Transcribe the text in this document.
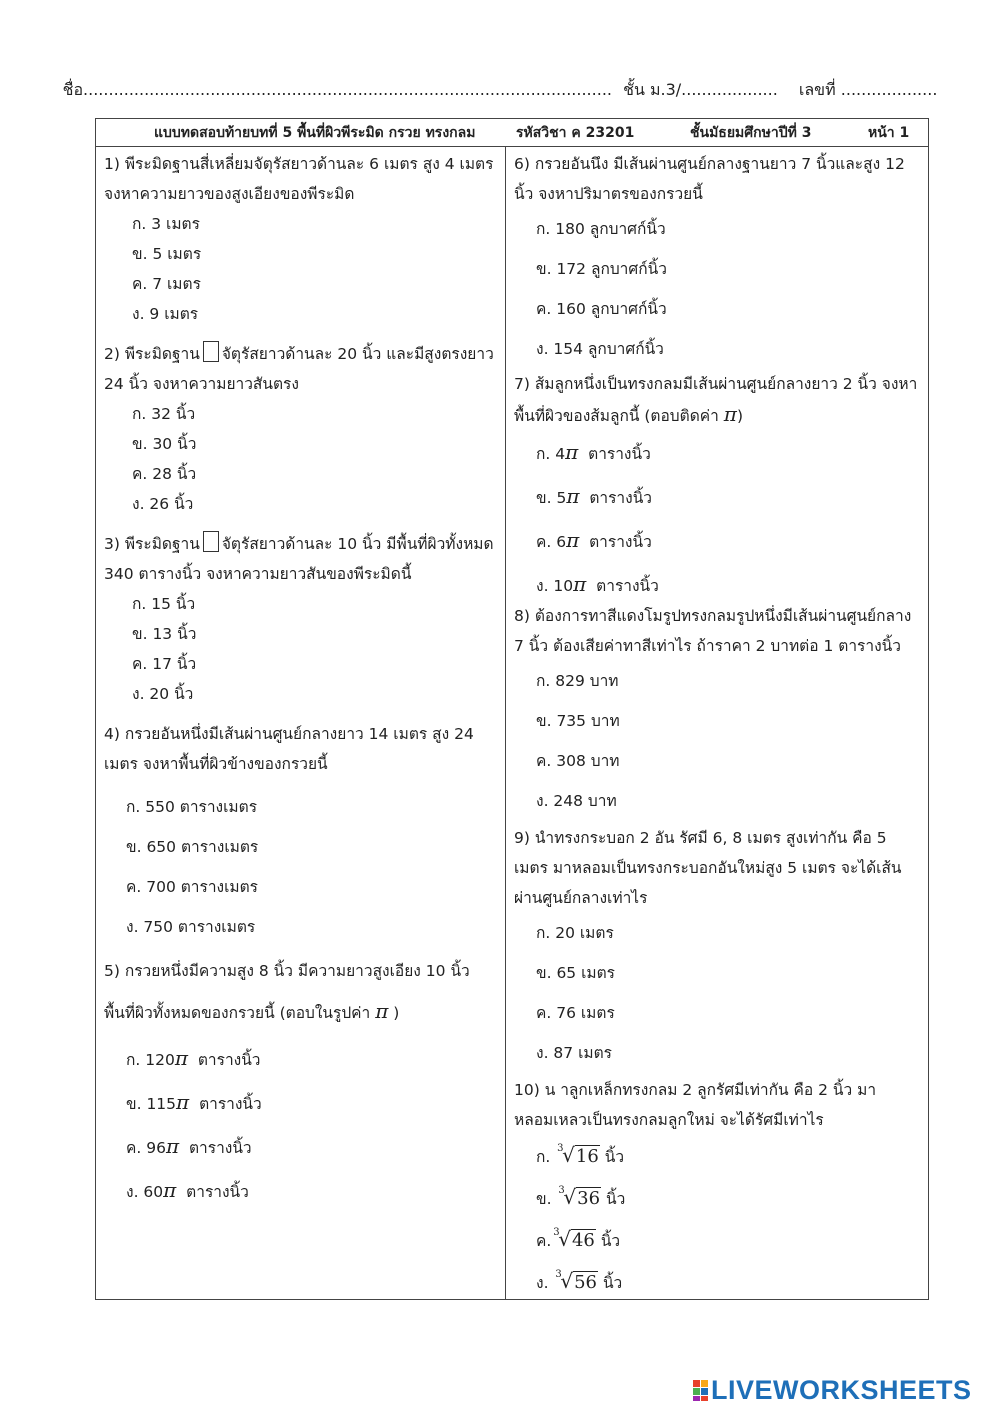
ชื่อ........................................................................................................ ชั้น ม.3/................... เลขที่ ...................
แบบทดสอบท้ายบทที่ 5 พื้นที่ผิวพีระมิด กรวย ทรงกลม	รหัสวิชา ค 23201	ชั้นมัธยมศึกษาปีที่ 3	หน้า 1
1) พีระมิดฐานสี่เหลี่ยมจัตุรัสยาวด้านละ 6 เมตร สูง 4 เมตร จงหาความยาวของสูงเอียงของพีระมิด
ก. 3 เมตร
ข. 5 เมตร
ค. 7 เมตร
ง. 9 เมตร
2) พีระมิดฐาน จัตุรัสยาวด้านละ 20 นิ้ว และมีสูงตรงยาว 24 นิ้ว จงหาความยาวสันตรง
ก. 32 นิ้ว
ข. 30 นิ้ว
ค. 28 นิ้ว
ง. 26 นิ้ว
3) พีระมิดฐาน จัตุรัสยาวด้านละ 10 นิ้ว มีพื้นที่ผิวทั้งหมด 340 ตารางนิ้ว จงหาความยาวสันของพีระมิดนี้
ก. 15 นิ้ว
ข. 13 นิ้ว
ค. 17 นิ้ว
ง. 20 นิ้ว
4) กรวยอันหนึ่งมีเส้นผ่านศูนย์กลางยาว 14 เมตร สูง 24 เมตร จงหาพื้นที่ผิวข้างของกรวยนี้
ก. 550 ตารางเมตร
ข. 650 ตารางเมตร
ค. 700 ตารางเมตร
ง. 750 ตารางเมตร
5) กรวยหนึ่งมีความสูง 8 นิ้ว มีความยาวสูงเอียง 10 นิ้ว
พื้นที่ผิวทั้งหมดของกรวยนี้ (ตอบในรูปค่า π )
ก. 120π ตารางนิ้ว
ข. 115π ตารางนิ้ว
ค. 96π ตารางนิ้ว
ง. 60π ตารางนิ้ว
6) กรวยอันนึง มีเส้นผ่านศูนย์กลางฐานยาว 7 นิ้วและสูง 12 นิ้ว จงหาปริมาตรของกรวยนี้
ก. 180 ลูกบาศก์นิ้ว
ข. 172 ลูกบาศก์นิ้ว
ค. 160 ลูกบาศก์นิ้ว
ง. 154 ลูกบาศก์นิ้ว
7) ส้มลูกหนึ่งเป็นทรงกลมมีเส้นผ่านศูนย์กลางยาว 2 นิ้ว จงหาพื้นที่ผิวของส้มลูกนี้ (ตอบติดค่า π)
ก. 4π ตารางนิ้ว
ข. 5π ตารางนิ้ว
ค. 6π ตารางนิ้ว
ง. 10π ตารางนิ้ว
8) ต้องการทาสีแดงโมรูปทรงกลมรูปหนึ่งมีเส้นผ่านศูนย์กลาง 7 นิ้ว ต้องเสียค่าทาสีเท่าไร ถ้าราคา 2 บาทต่อ 1 ตารางนิ้ว
ก. 829 บาท
ข. 735 บาท
ค. 308 บาท
ง. 248 บาท
9) นำทรงกระบอก 2 อัน รัศมี 6, 8 เมตร สูงเท่ากัน คือ 5 เมตร มาหลอมเป็นทรงกระบอกอันใหม่สูง 5 เมตร จะได้เส้นผ่านศูนย์กลางเท่าไร
ก. 20 เมตร
ข. 65 เมตร
ค. 76 เมตร
ง. 87 เมตร
10) น าลูกเหล็กทรงกลม 2 ลูกรัศมีเท่ากัน คือ 2 นิ้ว มาหลอมเหลวเป็นทรงกลมลูกใหม่ จะได้รัศมีเท่าไร
ก. 3
√16 นิ้ว
ข. 3
√36 นิ้ว
ค. 3
√46 นิ้ว
ง. 3
√56 นิ้ว
LIVEWORKSHEETS
